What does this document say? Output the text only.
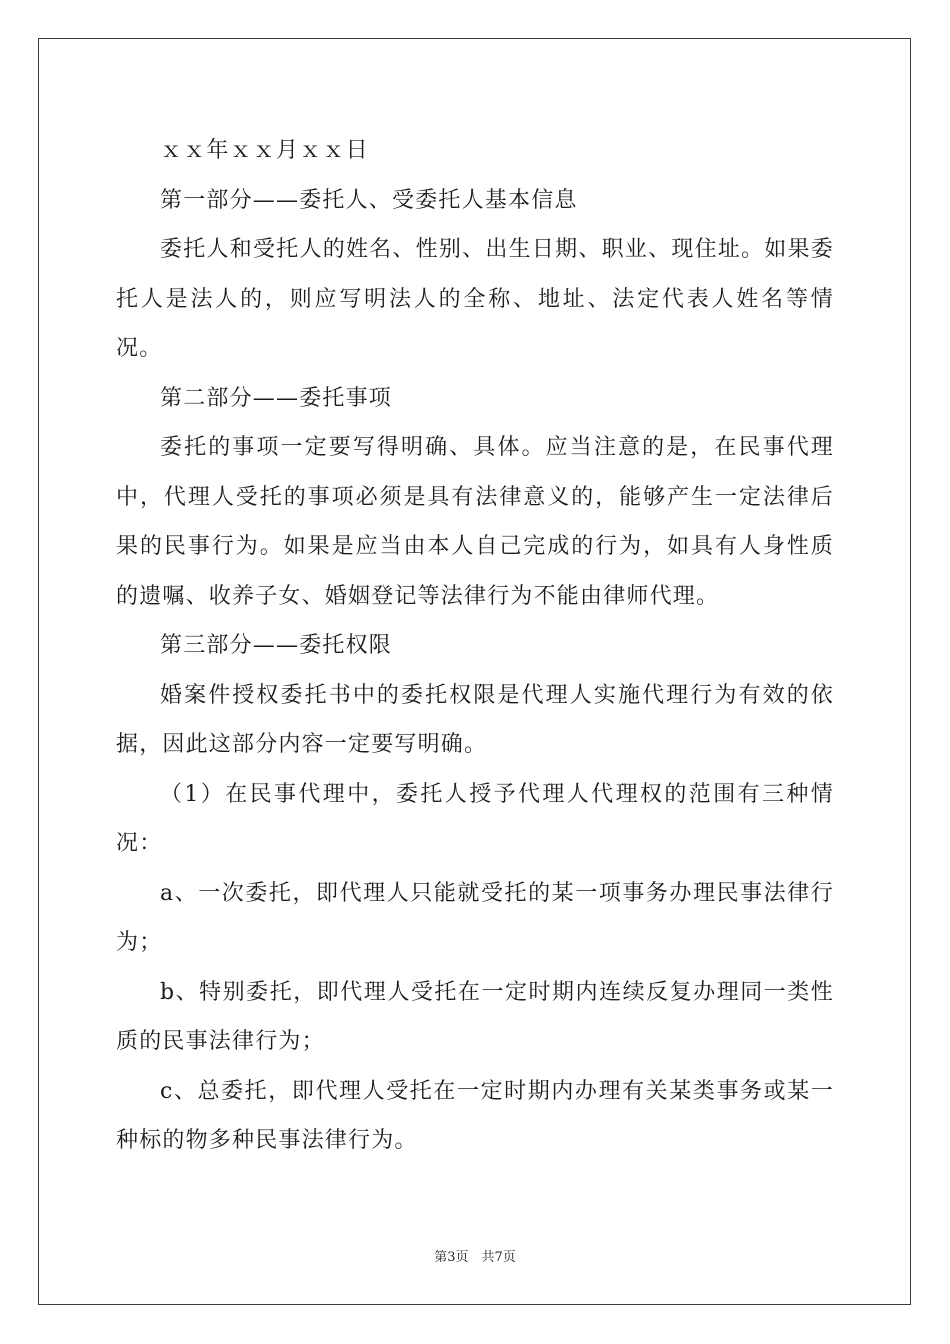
ｘｘ年ｘｘ月ｘｘ日

第一部分——委托人、受委托人基本信息

委托人和受托人的姓名、性别、出生日期、职业、现住址。如果委托人是法人的，则应写明法人的全称、地址、法定代表人姓名等情况。

第二部分——委托事项

委托的事项一定要写得明确、具体。应当注意的是，在民事代理中，代理人受托的事项必须是具有法律意义的，能够产生一定法律后果的民事行为。如果是应当由本人自己完成的行为，如具有人身性质的遗嘱、收养子女、婚姻登记等法律行为不能由律师代理。

第三部分——委托权限

婚案件授权委托书中的委托权限是代理人实施代理行为有效的依据，因此这部分内容一定要写明确。

（1）在民事代理中，委托人授予代理人代理权的范围有三种情况：

a、一次委托，即代理人只能就受托的某一项事务办理民事法律行为；

b、特别委托，即代理人受托在一定时期内连续反复办理同一类性质的民事法律行为；

c、总委托，即代理人受托在一定时期内办理有关某类事务或某一种标的物多种民事法律行为。

第3页　共7页
